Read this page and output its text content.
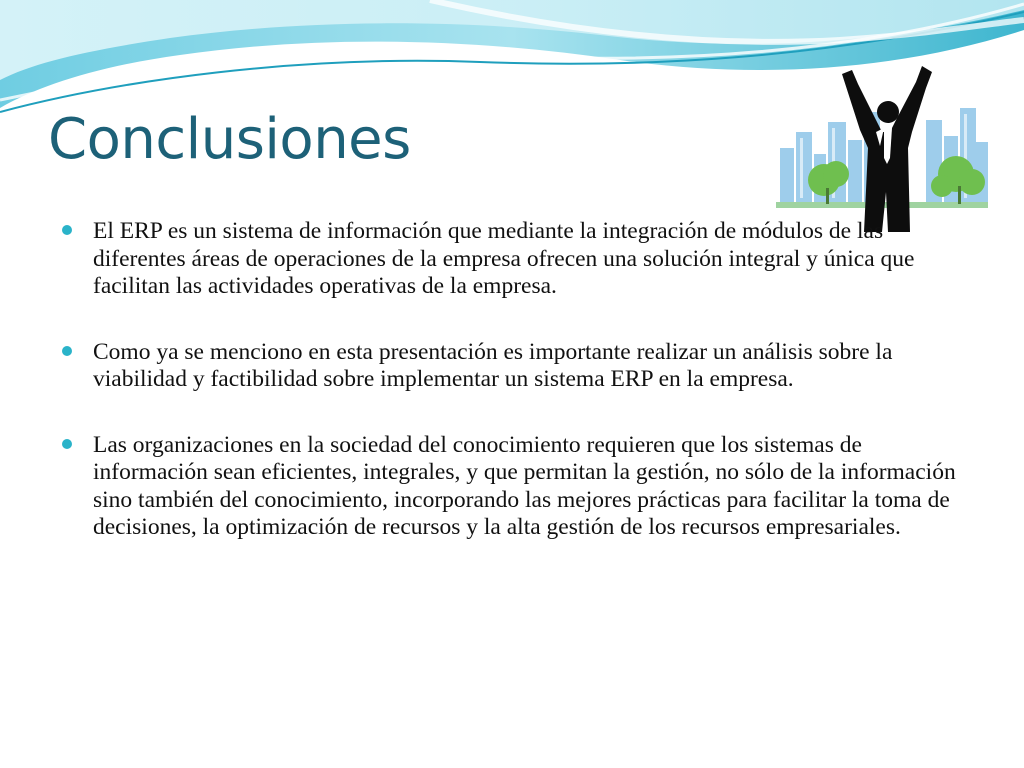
Conclusiones
El ERP es un sistema de información que mediante la integración de módulos de las diferentes áreas de operaciones de la empresa ofrecen una solución integral y única que facilitan las actividades operativas de la empresa.
Como ya se menciono en esta presentación es importante realizar un análisis sobre la viabilidad y factibilidad sobre implementar un sistema ERP en la empresa.
Las organizaciones en la sociedad del conocimiento requieren que los sistemas de información sean eficientes, integrales, y que permitan la gestión, no sólo de la información sino también del conocimiento, incorporando las mejores prácticas para facilitar la toma de decisiones, la optimización de recursos y la alta gestión de los recursos empresariales.
